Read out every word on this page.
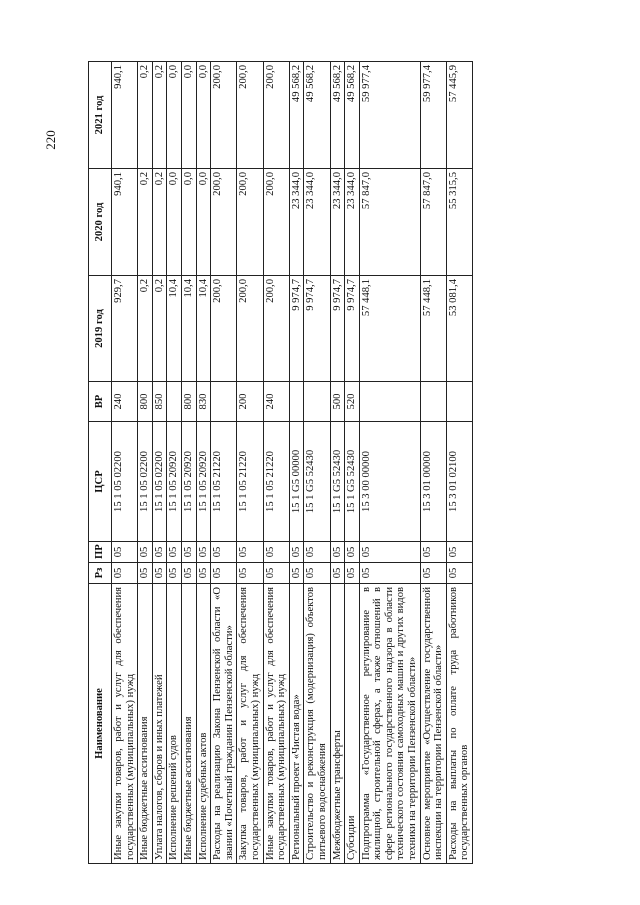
220
Наименование	Рз	ПР	ЦСР	ВР	2019 год	2020 год	2021 год
Иные закупки товаров, работ и услуг для обеспечения государственных (муниципальных) нужд	05	05	15 1 05 02200	240	929,7	940,1	940,1
Иные бюджетные ассигнования	05	05	15 1 05 02200	800	0,2	0,2	0,2
Уплата налогов, сборов и иных платежей	05	05	15 1 05 02200	850	0,2	0,2	0,2
Исполнение решений судов	05	05	15 1 05 20920		10,4	0,0	0,0
Иные бюджетные ассигнования	05	05	15 1 05 20920	800	10,4	0,0	0,0
Исполнение судебных актов	05	05	15 1 05 20920	830	10,4	0,0	0,0
Расходы на реализацию Закона Пензенской области «О звании «Почетный гражданин Пензенской области»	05	05	15 1 05 21220		200,0	200,0	200,0
Закупка товаров, работ и услуг для обеспечения государственных (муниципальных) нужд	05	05	15 1 05 21220	200	200,0	200,0	200,0
Иные закупки товаров, работ и услуг для обеспечения государственных (муниципальных) нужд	05	05	15 1 05 21220	240	200,0	200,0	200,0
Региональный проект «Чистая вода»	05	05	15 1 G5 00000		9 974,7	23 344,0	49 568,2
Строительство и реконструкция (модернизация) объектов питьевого водоснабжения	05	05	15 1 G5 52430		9 974,7	23 344,0	49 568,2
Межбюджетные трансферты	05	05	15 1 G5 52430	500	9 974,7	23 344,0	49 568,2
Субсидии	05	05	15 1 G5 52430	520	9 974,7	23 344,0	49 568,2
Подпрограмма «Государственное регулирование в жилищной, строительной сферах, а также отношений в сфере регионального государственного надзора в области технического состояния самоходных машин и других видов техники на территории Пензенской области»	05	05	15 3 00 00000		57 448,1	57 847,0	59 977,4
Основное мероприятие «Осуществление государственной инспекции на территории Пензенской области»	05	05	15 3 01 00000		57 448,1	57 847,0	59 977,4
Расходы на выплаты по оплате труда работников государственных органов	05	05	15 3 01 02100		53 081,4	55 315,5	57 445,9
